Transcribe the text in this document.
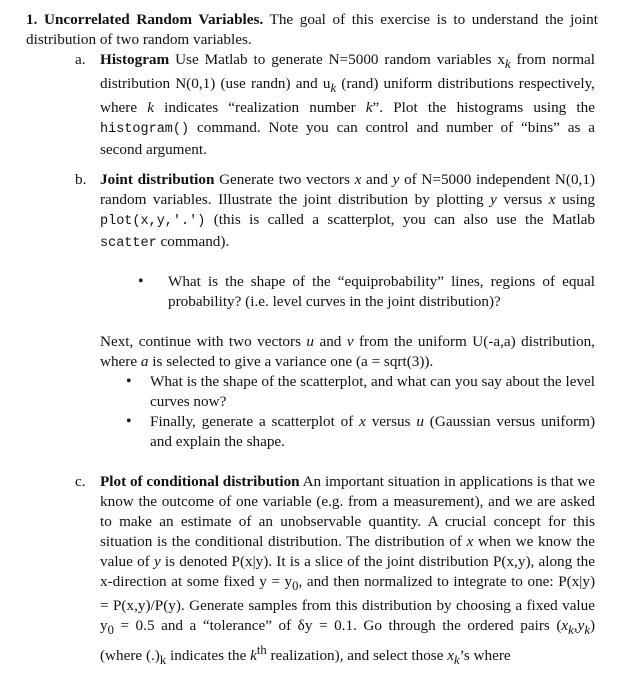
1. Uncorrelated Random Variables. The goal of this exercise is to understand the joint distribution of two random variables.
a. Histogram Use Matlab to generate N=5000 random variables $x_k$ from normal distribution N(0,1) (use randn) and $u_k$ (rand) uniform distributions respectively, where k indicates “realization number k”. Plot the histograms using the histogram() command. Note you can control and number of “bins” as a second argument.
b. Joint distribution Generate two vectors x and y of N=5000 independent N(0,1) random variables. Illustrate the joint distribution by plotting y versus x using plot(x,y,'.') (this is called a scatterplot, you can also use the Matlab scatter command).
• What is the shape of the “equiprobability” lines, regions of equal probability? (i.e. level curves in the joint distribution)?
Next, continue with two vectors u and v from the uniform U(-a,a) distribution, where a is selected to give a variance one (a = sqrt(3)).
• What is the shape of the scatterplot, and what can you say about the level curves now?
• Finally, generate a scatterplot of x versus u (Gaussian versus uniform) and explain the shape.
c. Plot of conditional distribution An important situation in applications is that we know the outcome of one variable (e.g. from a measurement), and we are asked to make an estimate of an unobservable quantity. A crucial concept for this situation is the conditional distribution. The distribution of x when we know the value of y is denoted P(x|y). It is a slice of the joint distribution P(x,y), along the x-direction at some fixed $y = y_0$, and then normalized to integrate to one: P(x|y) = P(x,y)/P(y). Generate samples from this distribution by choosing a fixed value $y_0 = 0.5$ and a “tolerance” of δy = 0.1. Go through the ordered pairs $(x_k,y_k)$ (where $(.)_k$ indicates the $k^{th}$ realization), and select those $x_k’s$ where
